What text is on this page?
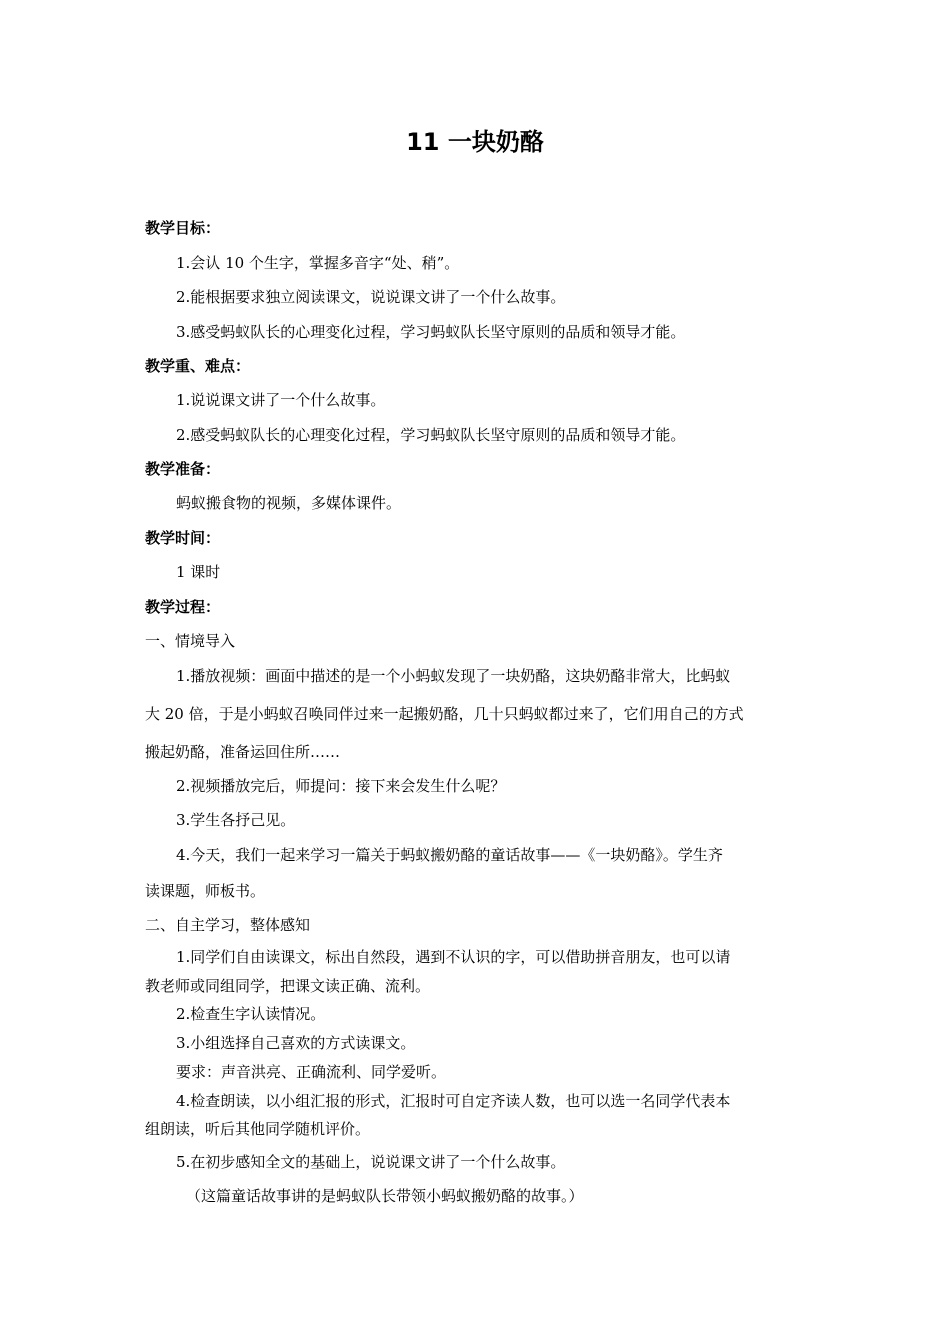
11 一块奶酪
教学目标：
1.会认 10 个生字，掌握多音字“处、稍”。
2.能根据要求独立阅读课文，说说课文讲了一个什么故事。
3.感受蚂蚁队长的心理变化过程，学习蚂蚁队长坚守原则的品质和领导才能。
教学重、难点：
1.说说课文讲了一个什么故事。
2.感受蚂蚁队长的心理变化过程，学习蚂蚁队长坚守原则的品质和领导才能。
教学准备：
蚂蚁搬食物的视频，多媒体课件。
教学时间：
1 课时
教学过程：
一、情境导入
1.播放视频：画面中描述的是一个小蚂蚁发现了一块奶酪，这块奶酪非常大，比蚂蚁
大 20 倍，于是小蚂蚁召唤同伴过来一起搬奶酪，几十只蚂蚁都过来了，它们用自己的方式
搬起奶酪，准备运回住所……
2.视频播放完后，师提问：接下来会发生什么呢？
3.学生各抒己见。
4.今天，我们一起来学习一篇关于蚂蚁搬奶酪的童话故事——《一块奶酪》。学生齐
读课题，师板书。
二、自主学习，整体感知
1.同学们自由读课文，标出自然段，遇到不认识的字，可以借助拼音朋友，也可以请
教老师或同组同学，把课文读正确、流利。
2.检查生字认读情况。
3.小组选择自己喜欢的方式读课文。
要求：声音洪亮、正确流利、同学爱听。
4.检查朗读，以小组汇报的形式，汇报时可自定齐读人数，也可以选一名同学代表本
组朗读，听后其他同学随机评价。
5.在初步感知全文的基础上，说说课文讲了一个什么故事。
（这篇童话故事讲的是蚂蚁队长带领小蚂蚁搬奶酪的故事。）
